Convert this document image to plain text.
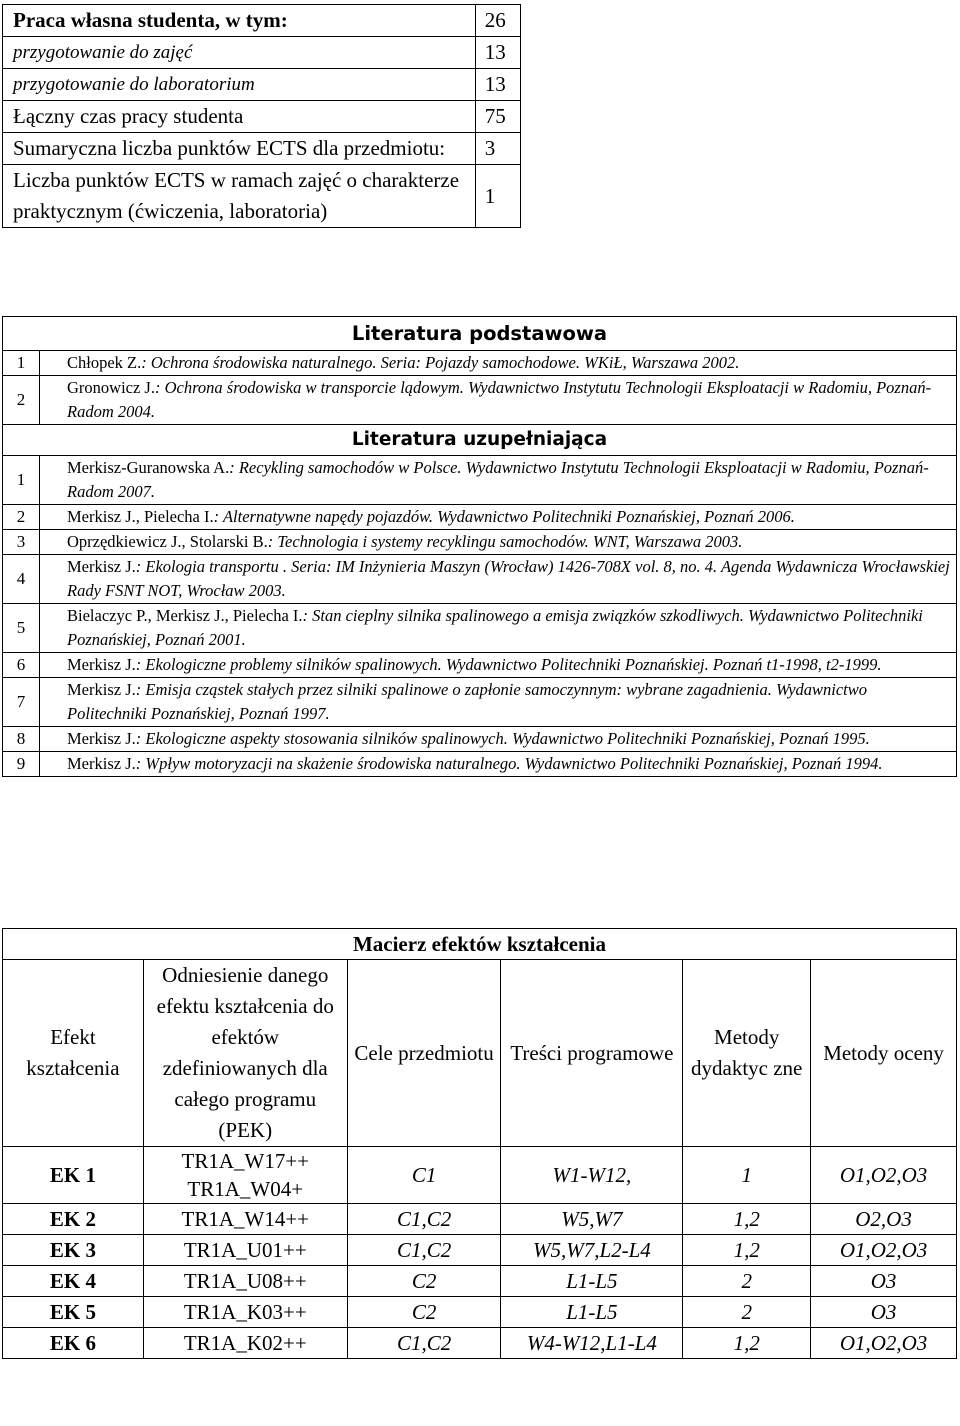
Praca własna studenta, w tym:	26
przygotowanie do zajęć	13
przygotowanie do laboratorium	13
Łączny czas pracy studenta	75
Sumaryczna liczba punktów ECTS dla przedmiotu:	3
Liczba punktów ECTS w ramach zajęć o charakterze praktycznym (ćwiczenia, laboratoria)	1
Literatura podstawowa	
1	Chłopek Z.: Ochrona środowiska naturalnego. Seria: Pojazdy samochodowe. WKiŁ, Warszawa 2002.
2	Gronowicz J.: Ochrona środowiska w transporcie lądowym. Wydawnictwo Instytutu Technologii Eksploatacji w Radomiu, Poznań-Radom 2004.
Literatura uzupełniająca	
1	Merkisz-Guranowska A.: Recykling samochodów w Polsce. Wydawnictwo Instytutu Technologii Eksploatacji w Radomiu, Poznań-Radom 2007.
2	Merkisz J., Pielecha I.: Alternatywne napędy pojazdów. Wydawnictwo Politechniki Poznańskiej, Poznań 2006.
3	Oprzędkiewicz J., Stolarski B.: Technologia i systemy recyklingu samochodów. WNT, Warszawa 2003.
4	Merkisz J.: Ekologia transportu . Seria: IM Inżynieria Maszyn (Wrocław) 1426-708X vol. 8, no. 4. Agenda Wydawnicza Wrocławskiej Rady FSNT NOT, Wrocław 2003.
5	Bielaczyc P., Merkisz J., Pielecha I.: Stan cieplny silnika spalinowego a emisja związków szkodliwych. Wydawnictwo Politechniki Poznańskiej, Poznań 2001.
6	Merkisz J.: Ekologiczne problemy silników spalinowych. Wydawnictwo Politechniki Poznańskiej. Poznań t1-1998, t2-1999.
7	Merkisz J.: Emisja cząstek stałych przez silniki spalinowe o zapłonie samoczynnym: wybrane zagadnienia. Wydawnictwo Politechniki Poznańskiej, Poznań 1997.
8	Merkisz J.: Ekologiczne aspekty stosowania silników spalinowych. Wydawnictwo Politechniki Poznańskiej, Poznań 1995.
9	Merkisz J.: Wpływ motoryzacji na skażenie środowiska naturalnego. Wydawnictwo Politechniki Poznańskiej, Poznań 1994.
Macierz efektów kształcenia					
Efekt kształcenia	Odniesienie danego efektu kształcenia do efektów zdefiniowanych dla całego programu (PEK)	Cele przedmiotu	Treści programowe	Metody dydaktyc zne	Metody oceny
EK 1	TR1A_W17++ TR1A_W04+	C1	W1-W12,	1	O1,O2,O3
EK 2	TR1A_W14++	C1,C2	W5,W7	1,2	O2,O3
EK 3	TR1A_U01++	C1,C2	W5,W7,L2-L4	1,2	O1,O2,O3
EK 4	TR1A_U08++	C2	L1-L5	2	O3
EK 5	TR1A_K03++	C2	L1-L5	2	O3
EK 6	TR1A_K02++	C1,C2	W4-W12,L1-L4	1,2	O1,O2,O3
